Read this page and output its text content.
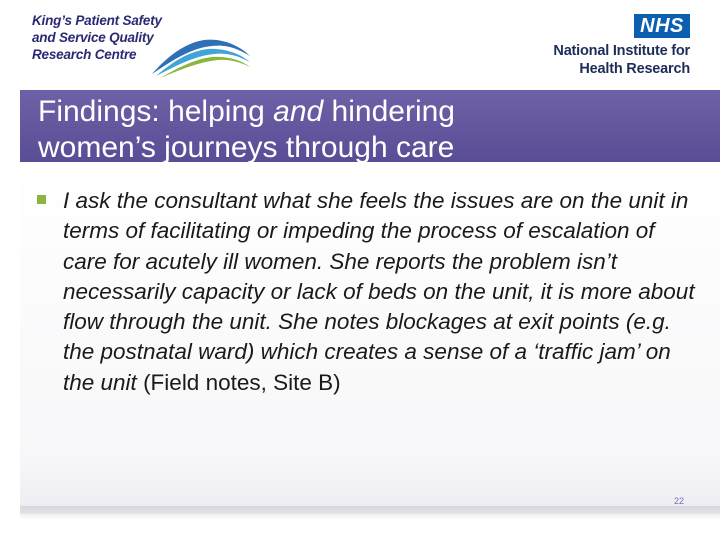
King’s Patient Safety
and Service Quality
Research Centre
NHS
National Institute for
Health Research
Findings: helping and hindering
women’s journeys through care
I ask the consultant what she feels the issues are on the unit in terms of facilitating or impeding the process of escalation of care for acutely ill women. She reports the problem isn’t necessarily capacity or lack of beds on the unit, it is more about flow through the unit. She notes blockages at exit points (e.g. the postnatal ward) which creates a sense of a ‘traffic jam’ on the unit (Field notes, Site B)
22
